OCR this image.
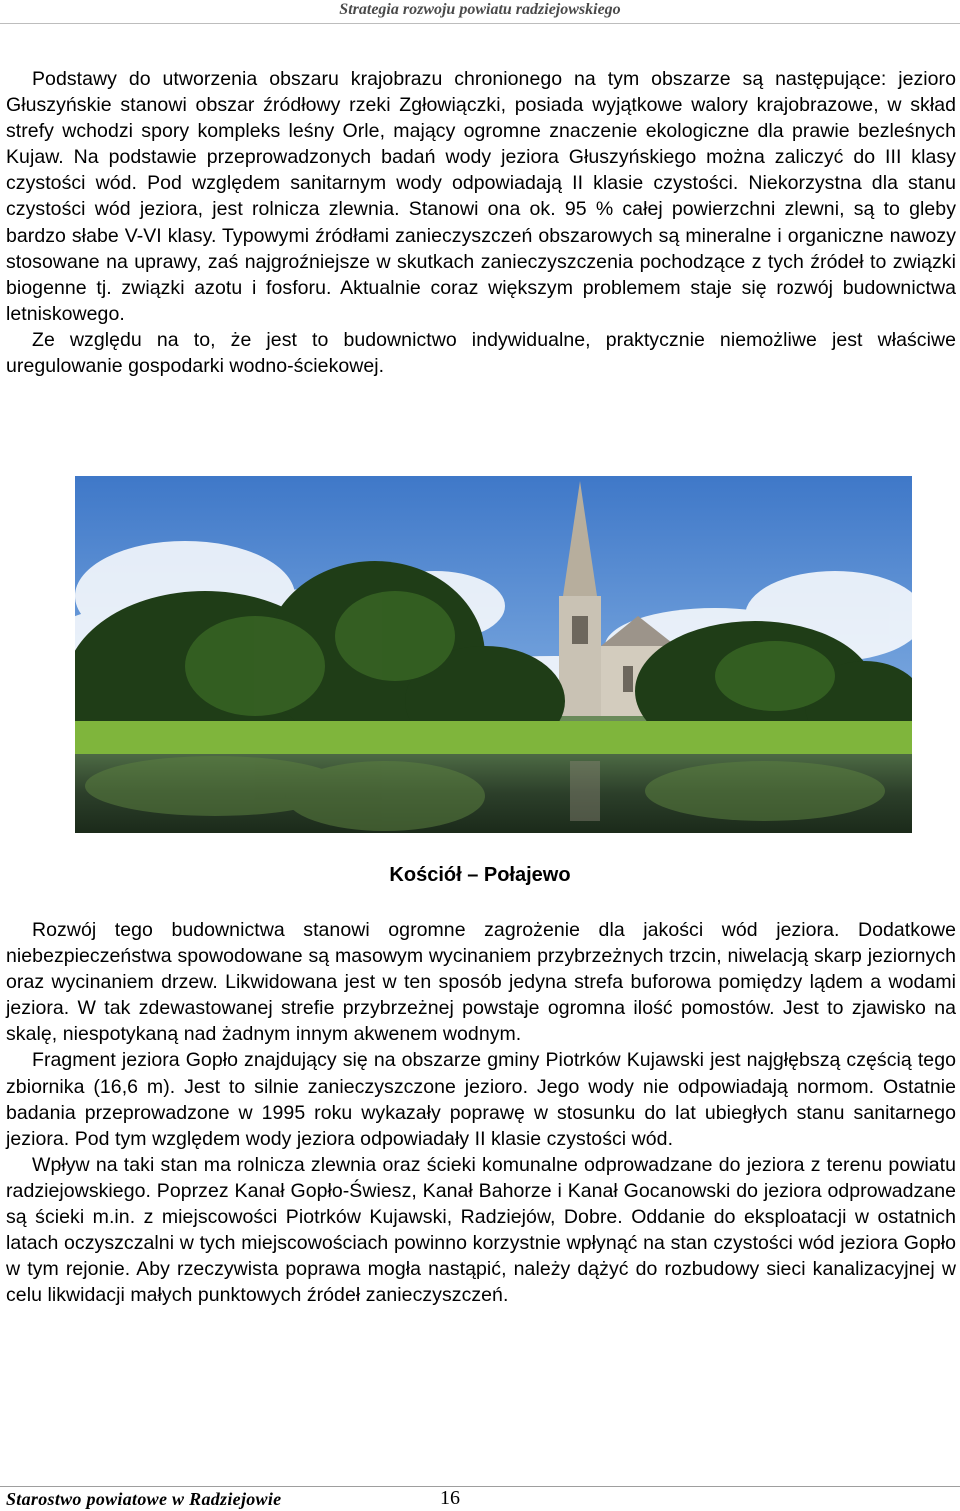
Strategia rozwoju powiatu radziejowskiego

Podstawy do utworzenia obszaru krajobrazu chronionego na tym obszarze są następujące: jezioro Głuszyńskie stanowi obszar źródłowy rzeki Zgłowiączki, posiada wyjątkowe walory krajobrazowe, w skład strefy wchodzi spory kompleks leśny Orle, mający ogromne znaczenie ekologiczne dla prawie bezleśnych Kujaw. Na podstawie przeprowadzonych badań wody jeziora Głuszyńskiego można zaliczyć do III klasy czystości wód. Pod względem sanitarnym wody odpowiadają II klasie czystości. Niekorzystna dla stanu czystości wód jeziora, jest rolnicza zlewnia. Stanowi ona ok. 95 % całej powierzchni zlewni, są to gleby bardzo słabe V-VI klasy. Typowymi źródłami zanieczyszczeń obszarowych są mineralne i organiczne nawozy stosowane na uprawy, zaś najgroźniejsze w skutkach zanieczyszczenia pochodzące z tych źródeł to związki biogenne tj. związki azotu i fosforu. Aktualnie coraz większym problemem staje się rozwój budownictwa letniskowego.

Ze względu na to, że jest to budownictwo indywidualne, praktycznie niemożliwe jest właściwe uregulowanie gospodarki wodno-ściekowej.

Kościół – Połajewo

Rozwój tego budownictwa stanowi ogromne zagrożenie dla jakości wód jeziora. Dodatkowe niebezpieczeństwa spowodowane są masowym wycinaniem przybrzeżnych trzcin, niwelacją skarp jeziornych oraz wycinaniem drzew. Likwidowana jest w ten sposób jedyna strefa buforowa pomiędzy lądem a wodami jeziora. W tak zdewastowanej strefie przybrzeżnej powstaje ogromna ilość pomostów. Jest to zjawisko na skalę, niespotykaną nad żadnym innym akwenem wodnym.

Fragment jeziora Gopło znajdujący się na obszarze gminy Piotrków Kujawski jest najgłębszą częścią tego zbiornika (16,6 m). Jest to silnie zanieczyszczone jezioro. Jego wody nie odpowiadają normom. Ostatnie badania przeprowadzone w 1995 roku wykazały poprawę w stosunku do lat ubiegłych stanu sanitarnego jeziora. Pod tym względem wody jeziora odpowiadały II klasie czystości wód.

Wpływ na taki stan ma rolnicza zlewnia oraz ścieki komunalne odprowadzane do jeziora z terenu powiatu radziejowskiego. Poprzez Kanał Gopło-Świesz, Kanał Bahorze i Kanał Gocanowski do jeziora odprowadzane są ścieki m.in. z miejscowości Piotrków Kujawski, Radziejów, Dobre. Oddanie do eksploatacji w ostatnich latach oczyszczalni w tych miejscowościach powinno korzystnie wpłynąć na stan czystości wód jeziora Gopło w tym rejonie. Aby rzeczywista poprawa mogła nastąpić, należy dążyć do rozbudowy sieci kanalizacyjnej w celu likwidacji małych punktowych źródeł zanieczyszczeń.

Starostwo powiatowe w Radziejowie	16
